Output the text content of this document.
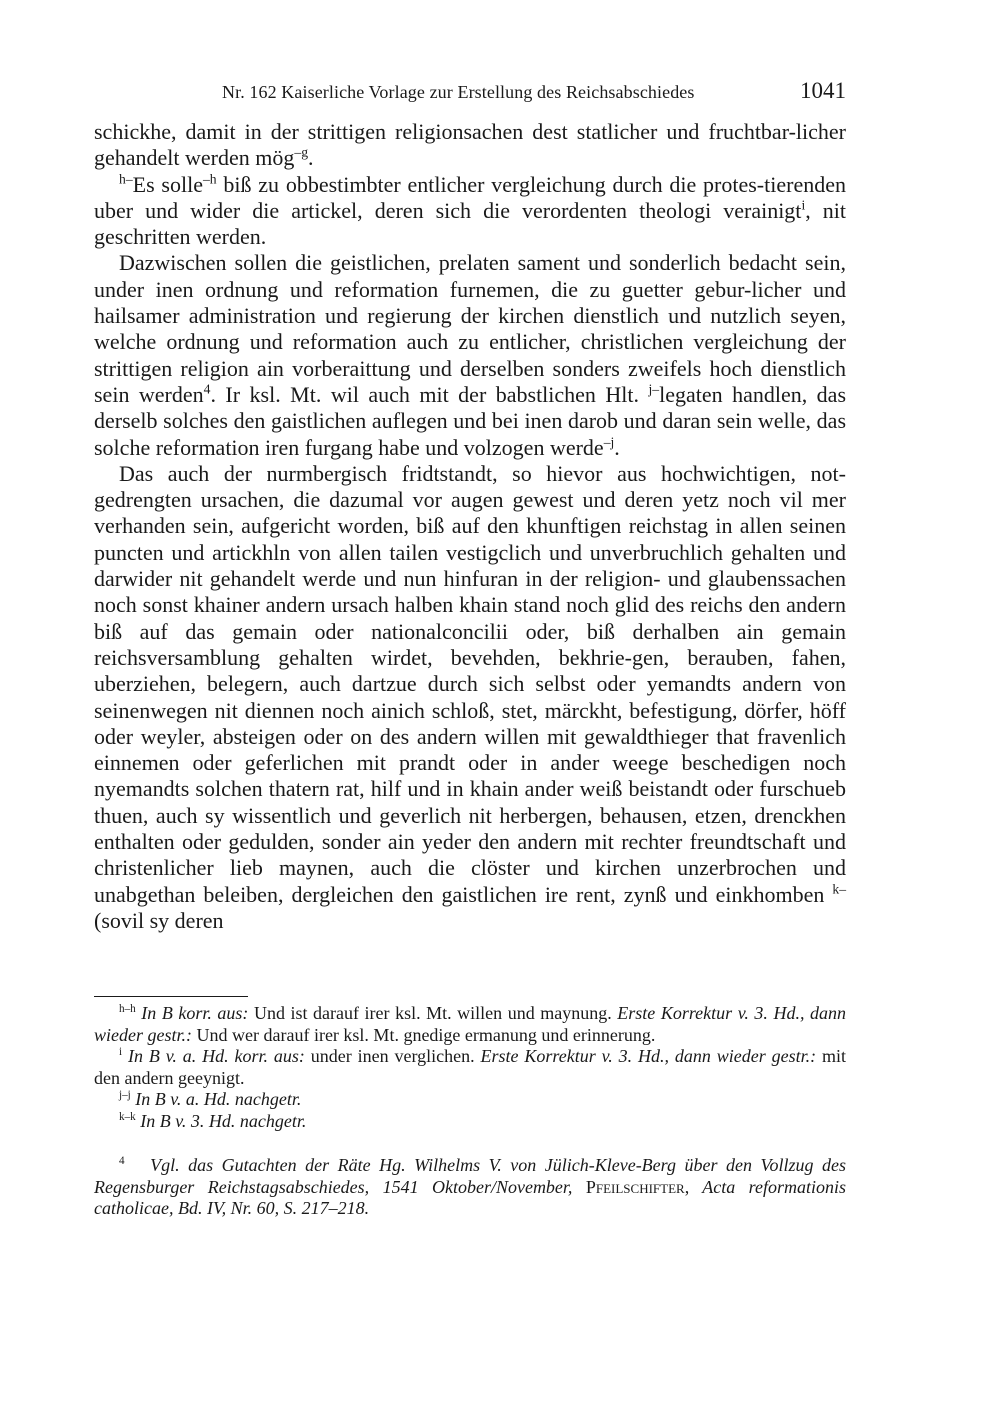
Nr. 162 Kaiserliche Vorlage zur Erstellung des Reichsabschiedes	1041

schickhe, damit in der strittigen religionsachen dest statlicher und fruchtbar-licher gehandelt werden mög$^{-g}$.

$^{h-}$Es solle$^{-h}$ biß zu obbestimbter entlicher vergleichung durch die protes-tierenden uber und wider die artickel, deren sich die verordenten theologi verainigt$^i$, nit geschritten werden.

Dazwischen sollen die geistlichen, prelaten sament und sonderlich bedacht sein, under inen ordnung und reformation furnemen, die zu guetter gebur-licher und hailsamer administration und regierung der kirchen dienstlich und nutzlich seyen, welche ordnung und reformation auch zu entlicher, christlichen vergleichung der strittigen religion ain vorberaittung und derselben sonders zweifels hoch dienstlich sein werden$^4$. Ir ksl. Mt. wil auch mit der babstlichen Hlt. $^{j-}$legaten handlen, das derselb solches den gaistlichen auflegen und bei inen darob und daran sein welle, das solche reformation iren furgang habe und volzogen werde$^{-j}$.

Das auch der nurmbergisch fridtstandt, so hievor aus hochwichtigen, not-gedrengten ursachen, die dazumal vor augen gewest und deren yetz noch vil mer verhanden sein, aufgericht worden, biß auf den khunftigen reichstag in allen seinen puncten und artickhln von allen tailen vestigclich und unverbruchlich gehalten und darwider nit gehandelt werde und nun hinfuran in der religion- und glaubenssachen noch sonst khainer andern ursach halben khain stand noch glid des reichs den andern biß auf das gemain oder nationalconcilii oder, biß derhalben ain gemain reichsversamblung gehalten wirdet, bevehden, bekhrie-gen, berauben, fahen, uberziehen, belegern, auch dartzue durch sich selbst oder yemandts andern von seinenwegen nit diennen noch ainich schloß, stet, märckht, befestigung, dörfer, höff oder weyler, absteigen oder on des andern willen mit gewaldthieger that fravenlich einnemen oder geferlichen mit prandt oder in ander weege beschedigen noch nyemandts solchen thatern rat, hilf und in khain ander weiß beistandt oder furschueb thuen, auch sy wissentlich und geverlich nit herbergen, behausen, etzen, drenckhen enthalten oder gedulden, sonder ain yeder den andern mit rechter freundtschaft und christenlicher lieb maynen, auch die clöster und kirchen unzerbrochen und unabgethan beleiben, dergleichen den gaistlichen ire rent, zynß und einkhomben $^{k-}$(sovil sy deren

$^{h-h}$ In B korr. aus: Und ist darauf irer ksl. Mt. willen und maynung. Erste Korrektur v. 3. Hd., dann wieder gestr.: Und wer darauf irer ksl. Mt. gnedige ermanung und erinnerung.

$^i$ In B v. a. Hd. korr. aus: under inen verglichen. Erste Korrektur v. 3. Hd., dann wieder gestr.: mit den andern geeynigt.

$^{j-j}$ In B v. a. Hd. nachgetr.

$^{k-k}$ In B v. 3. Hd. nachgetr.

$^4$ Vgl. das Gutachten der Räte Hg. Wilhelms V. von Jülich-Kleve-Berg über den Vollzug des Regensburger Reichstagsabschiedes, 1541 Oktober/November, Pfeilschifter, Acta reformationis catholicae, Bd. IV, Nr. 60, S. 217–218.
